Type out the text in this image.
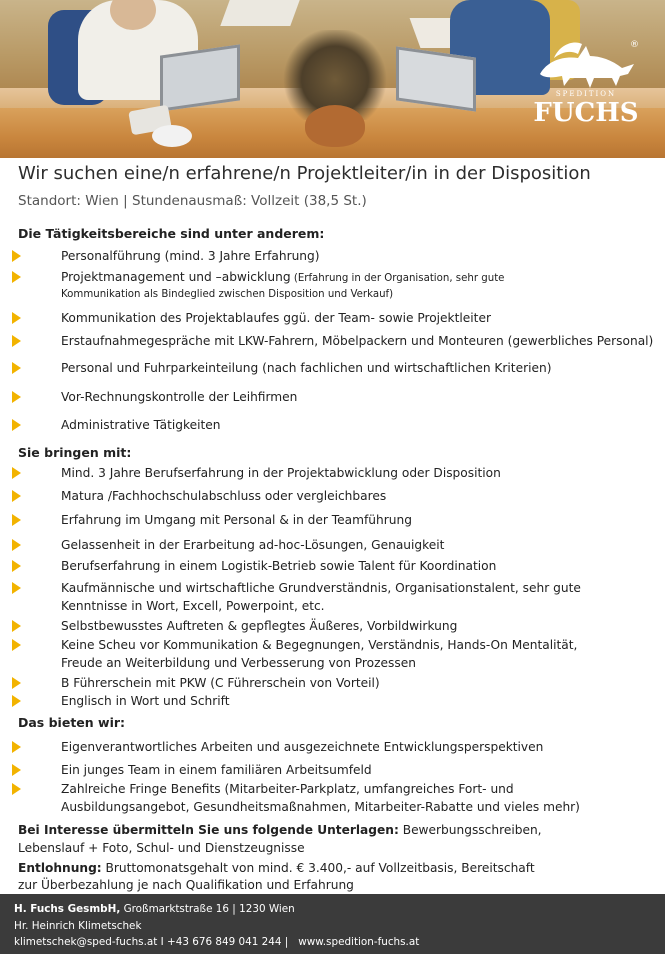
®
SPEDITION
FUCHS
Wir suchen eine/n erfahrene/n Projektleiter/in in der Disposition
Standort: Wien | Stundenausmaß: Vollzeit (38,5 St.)
Die Tätigkeitsbereiche sind unter anderem:
Personalführung (mind. 3 Jahre Erfahrung)
Projektmanagement und –abwicklung (Erfahrung in der Organisation, sehr gute
Kommunikation als Bindeglied zwischen Disposition und Verkauf)
Kommunikation des Projektablaufes ggü. der Team- sowie Projektleiter
Erstaufnahmegespräche mit LKW-Fahrern, Möbelpackern und Monteuren (gewerbliches Personal)
Personal und Fuhrparkeinteilung (nach fachlichen und wirtschaftlichen Kriterien)
Vor-Rechnungskontrolle der Leihfirmen
Administrative Tätigkeiten
Sie bringen mit:
Mind. 3 Jahre Berufserfahrung in der Projektabwicklung oder Disposition
Matura /Fachhochschulabschluss oder vergleichbares
Erfahrung im Umgang mit Personal & in der Teamführung
Gelassenheit in der Erarbeitung ad-hoc-Lösungen, Genauigkeit
Berufserfahrung in einem Logistik-Betrieb sowie Talent für Koordination
Kaufmännische und wirtschaftliche Grundverständnis, Organisationstalent, sehr gute
Kenntnisse in Wort, Excell, Powerpoint, etc.
Selbstbewusstes Auftreten & gepflegtes Äußeres, Vorbildwirkung
Keine Scheu vor Kommunikation & Begegnungen, Verständnis, Hands-On Mentalität,
Freude an Weiterbildung und Verbesserung von Prozessen
B Führerschein mit PKW (C Führerschein von Vorteil)
Englisch in Wort und Schrift
Das bieten wir:
Eigenverantwortliches Arbeiten und ausgezeichnete Entwicklungsperspektiven
Ein junges Team in einem familiären Arbeitsumfeld
Zahlreiche Fringe Benefits (Mitarbeiter-Parkplatz, umfangreiches Fort- und
Ausbildungsangebot, Gesundheitsmaßnahmen, Mitarbeiter-Rabatte und vieles mehr)
Bei Interesse übermitteln Sie uns folgende Unterlagen: Bewerbungsschreiben,
Lebenslauf + Foto, Schul- und Dienstzeugnisse
Entlohnung: Bruttomonatsgehalt von mind. € 3.400,- auf Vollzeitbasis, Bereitschaft
zur Überbezahlung je nach Qualifikation und Erfahrung
H. Fuchs GesmbH, Großmarktstraße 16 | 1230 Wien
Hr. Heinrich Klimetschek
klimetschek@sped-fuchs.at I +43 676 849 041 244 | www.spedition-fuchs.at
